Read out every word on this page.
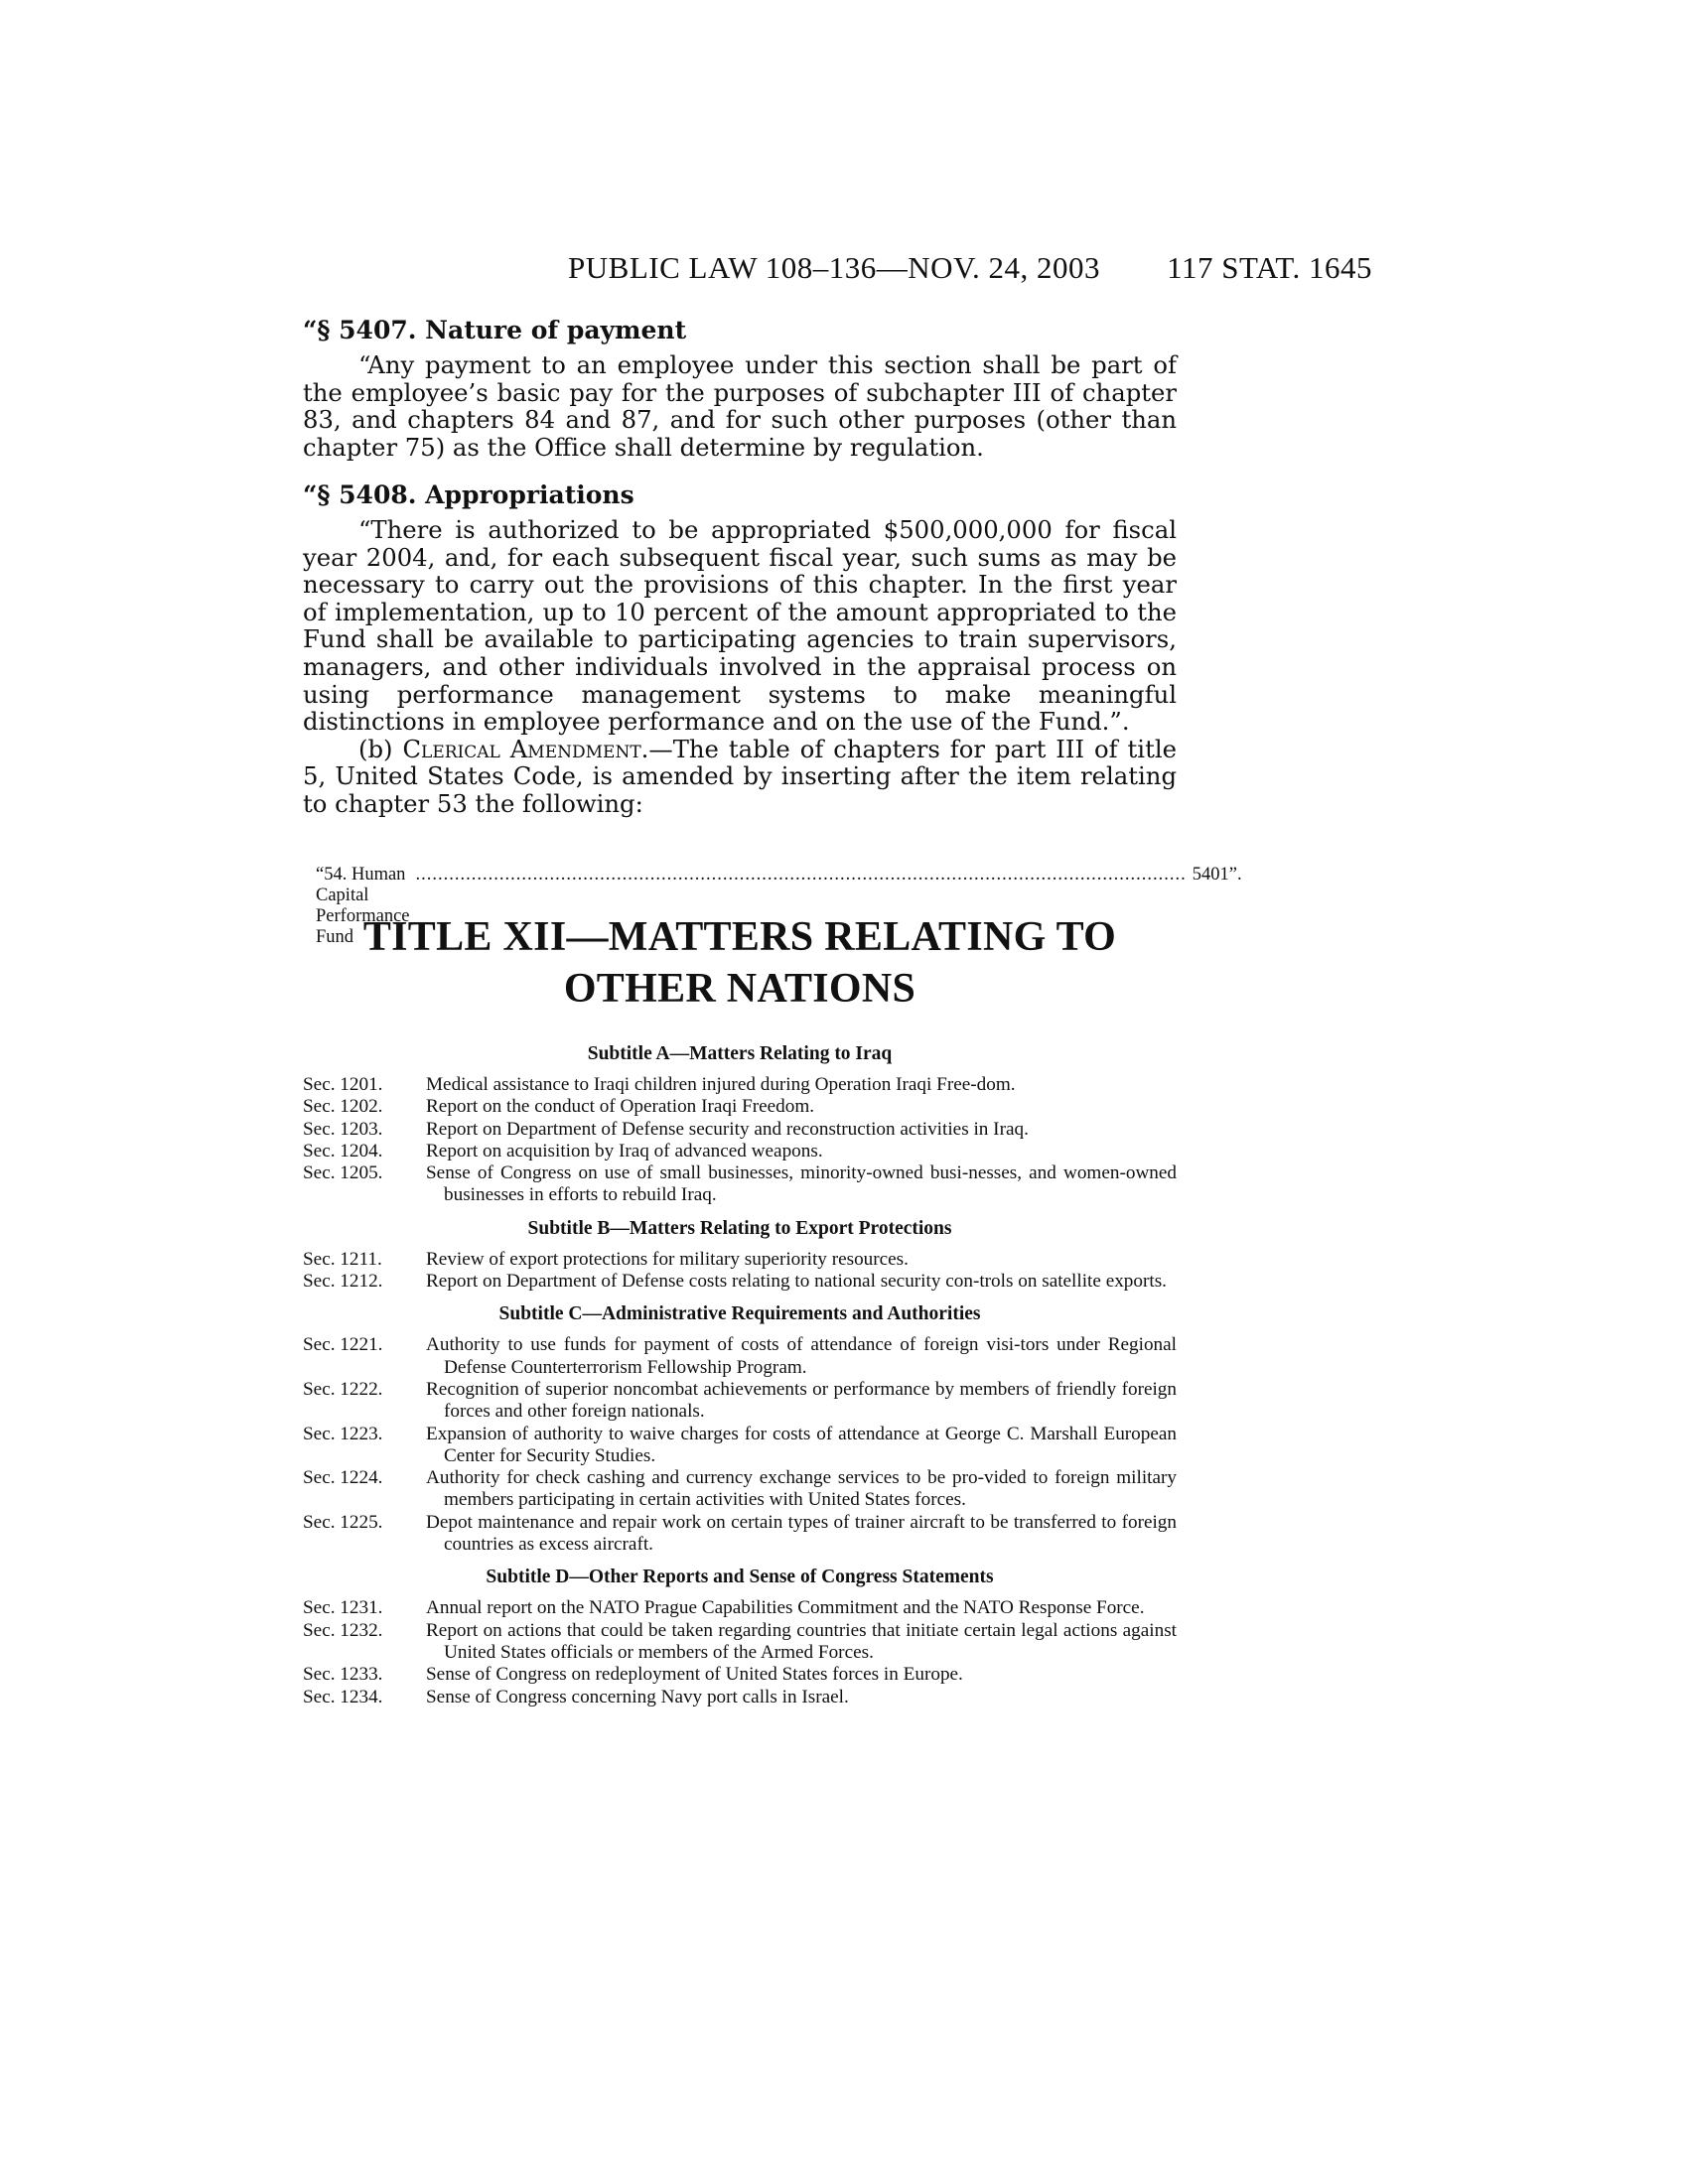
PUBLIC LAW 108–136—NOV. 24, 2003	117 STAT. 1645
“§ 5407. Nature of payment

“Any payment to an employee under this section shall be part of the employee’s basic pay for the purposes of subchapter III of chapter 83, and chapters 84 and 87, and for such other purposes (other than chapter 75) as the Office shall determine by regulation.

“§ 5408. Appropriations

“There is authorized to be appropriated $500,000,000 for fiscal year 2004, and, for each subsequent fiscal year, such sums as may be necessary to carry out the provisions of this chapter. In the first year of implementation, up to 10 percent of the amount appropriated to the Fund shall be available to participating agencies to train supervisors, managers, and other individuals involved in the appraisal process on using performance management systems to make meaningful distinctions in employee performance and on the use of the Fund.”.

(b) Clerical Amendment.—The table of chapters for part III of title 5, United States Code, is amended by inserting after the item relating to chapter 53 the following:

“54. Human Capital Performance Fund
.......................................................................................................................................... 5401”.
TITLE XII—MATTERS RELATING TO
OTHER NATIONS
Subtitle A—Matters Relating to Iraq
Sec. 1201.	Medical assistance to Iraqi children injured during Operation Iraqi Free-dom.
Sec. 1202.	Report on the conduct of Operation Iraqi Freedom.
Sec. 1203.	Report on Department of Defense security and reconstruction activities in Iraq.
Sec. 1204.	Report on acquisition by Iraq of advanced weapons.
Sec. 1205.	Sense of Congress on use of small businesses, minority-owned busi-nesses, and women-owned businesses in efforts to rebuild Iraq.
Subtitle B—Matters Relating to Export Protections
Sec. 1211.	Review of export protections for military superiority resources.
Sec. 1212.	Report on Department of Defense costs relating to national security con-trols on satellite exports.
Subtitle C—Administrative Requirements and Authorities
Sec. 1221.	Authority to use funds for payment of costs of attendance of foreign visi-tors under Regional Defense Counterterrorism Fellowship Program.
Sec. 1222.	Recognition of superior noncombat achievements or performance by members of friendly foreign forces and other foreign nationals.
Sec. 1223.	Expansion of authority to waive charges for costs of attendance at George C. Marshall European Center for Security Studies.
Sec. 1224.	Authority for check cashing and currency exchange services to be pro-vided to foreign military members participating in certain activities with United States forces.
Sec. 1225.	Depot maintenance and repair work on certain types of trainer aircraft to be transferred to foreign countries as excess aircraft.
Subtitle D—Other Reports and Sense of Congress Statements
Sec. 1231.	Annual report on the NATO Prague Capabilities Commitment and the NATO Response Force.
Sec. 1232.	Report on actions that could be taken regarding countries that initiate certain legal actions against United States officials or members of the Armed Forces.
Sec. 1233.	Sense of Congress on redeployment of United States forces in Europe.
Sec. 1234.	Sense of Congress concerning Navy port calls in Israel.
